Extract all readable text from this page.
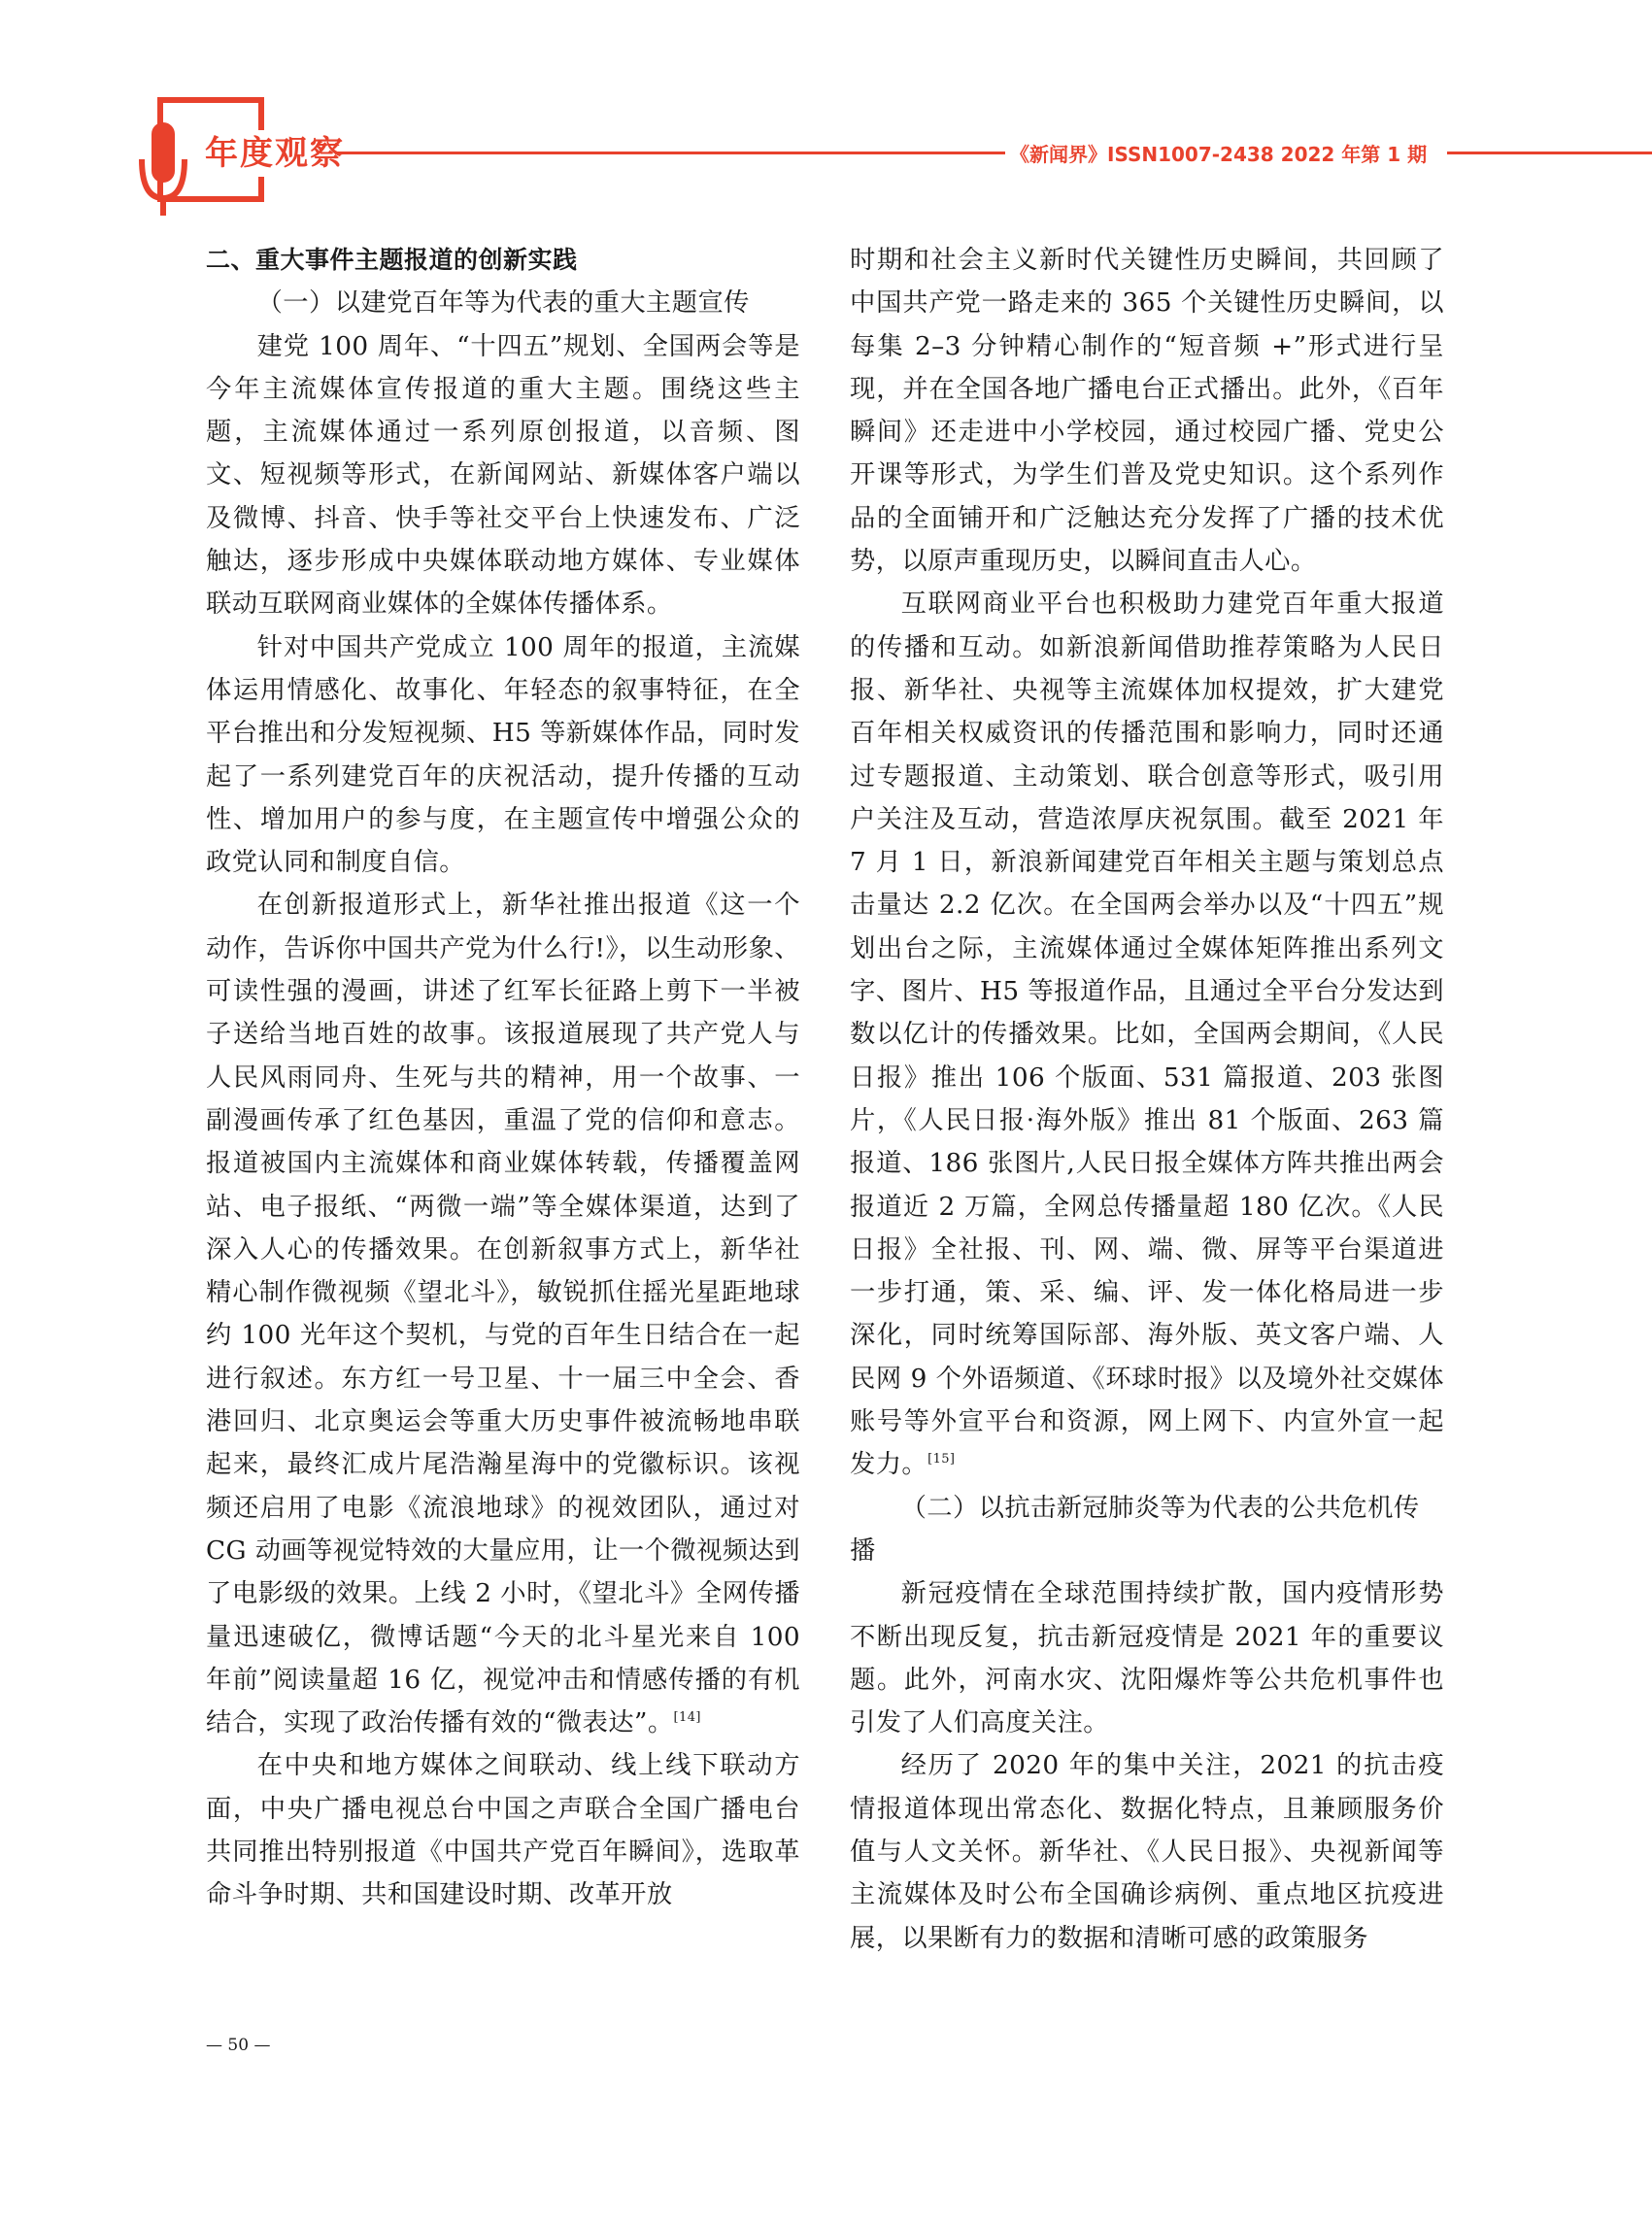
年度观察	《新闻界》ISSN1007-2438 2022 年第 1 期
二、重大事件主题报道的创新实践
（一）以建党百年等为代表的重大主题宣传

建党 100 周年、“十四五”规划、全国两会等是今年主流媒体宣传报道的重大主题。围绕这些主题，主流媒体通过一系列原创报道，以音频、图文、短视频等形式，在新闻网站、新媒体客户端以及微博、抖音、快手等社交平台上快速发布、广泛触达，逐步形成中央媒体联动地方媒体、专业媒体联动互联网商业媒体的全媒体传播体系。

针对中国共产党成立 100 周年的报道，主流媒体运用情感化、故事化、年轻态的叙事特征，在全平台推出和分发短视频、H5 等新媒体作品，同时发起了一系列建党百年的庆祝活动，提升传播的互动性、增加用户的参与度，在主题宣传中增强公众的政党认同和制度自信。

在创新报道形式上，新华社推出报道《这一个动作，告诉你中国共产党为什么行!》，以生动形象、可读性强的漫画，讲述了红军长征路上剪下一半被子送给当地百姓的故事。该报道展现了共产党人与人民风雨同舟、生死与共的精神，用一个故事、一副漫画传承了红色基因，重温了党的信仰和意志。报道被国内主流媒体和商业媒体转载，传播覆盖网站、电子报纸、“两微一端”等全媒体渠道，达到了深入人心的传播效果。在创新叙事方式上，新华社精心制作微视频《望北斗》，敏锐抓住摇光星距地球约 100 光年这个契机，与党的百年生日结合在一起进行叙述。东方红一号卫星、十一届三中全会、香港回归、北京奥运会等重大历史事件被流畅地串联起来，最终汇成片尾浩瀚星海中的党徽标识。该视频还启用了电影《流浪地球》的视效团队，通过对 CG 动画等视觉特效的大量应用，让一个微视频达到了电影级的效果。上线 2 小时，《望北斗》全网传播量迅速破亿，微博话题“今天的北斗星光来自 100 年前”阅读量超 16 亿，视觉冲击和情感传播的有机结合，实现了政治传播有效的“微表达”。[14]

在中央和地方媒体之间联动、线上线下联动方面，中央广播电视总台中国之声联合全国广播电台共同推出特别报道《中国共产党百年瞬间》，选取革命斗争时期、共和国建设时期、改革开放

时期和社会主义新时代关键性历史瞬间，共回顾了中国共产党一路走来的 365 个关键性历史瞬间，以每集 2–3 分钟精心制作的“短音频 +”形式进行呈现，并在全国各地广播电台正式播出。此外，《百年瞬间》还走进中小学校园，通过校园广播、党史公开课等形式，为学生们普及党史知识。这个系列作品的全面铺开和广泛触达充分发挥了广播的技术优势，以原声重现历史，以瞬间直击人心。

互联网商业平台也积极助力建党百年重大报道的传播和互动。如新浪新闻借助推荐策略为人民日报、新华社、央视等主流媒体加权提效，扩大建党百年相关权威资讯的传播范围和影响力，同时还通过专题报道、主动策划、联合创意等形式，吸引用户关注及互动，营造浓厚庆祝氛围。截至 2021 年 7 月 1 日，新浪新闻建党百年相关主题与策划总点击量达 2.2 亿次。在全国两会举办以及“十四五”规划出台之际，主流媒体通过全媒体矩阵推出系列文字、图片、H5 等报道作品，且通过全平台分发达到数以亿计的传播效果。比如，全国两会期间，《人民日报》推出 106 个版面、531 篇报道、203 张图片，《人民日报·海外版》推出 81 个版面、263 篇报道、186 张图片,人民日报全媒体方阵共推出两会报道近 2 万篇，全网总传播量超 180 亿次。《人民日报》全社报、刊、网、端、微、屏等平台渠道进一步打通，策、采、编、评、发一体化格局进一步深化，同时统筹国际部、海外版、英文客户端、人民网 9 个外语频道、《环球时报》以及境外社交媒体账号等外宣平台和资源，网上网下、内宣外宣一起发力。[15]

（二）以抗击新冠肺炎等为代表的公共危机传播

新冠疫情在全球范围持续扩散，国内疫情形势不断出现反复，抗击新冠疫情是 2021 年的重要议题。此外，河南水灾、沈阳爆炸等公共危机事件也引发了人们高度关注。

经历了 2020 年的集中关注，2021 的抗击疫情报道体现出常态化、数据化特点，且兼顾服务价值与人文关怀。新华社、《人民日报》、央视新闻等主流媒体及时公布全国确诊病例、重点地区抗疫进展，以果断有力的数据和清晰可感的政策服务

— 50 —
